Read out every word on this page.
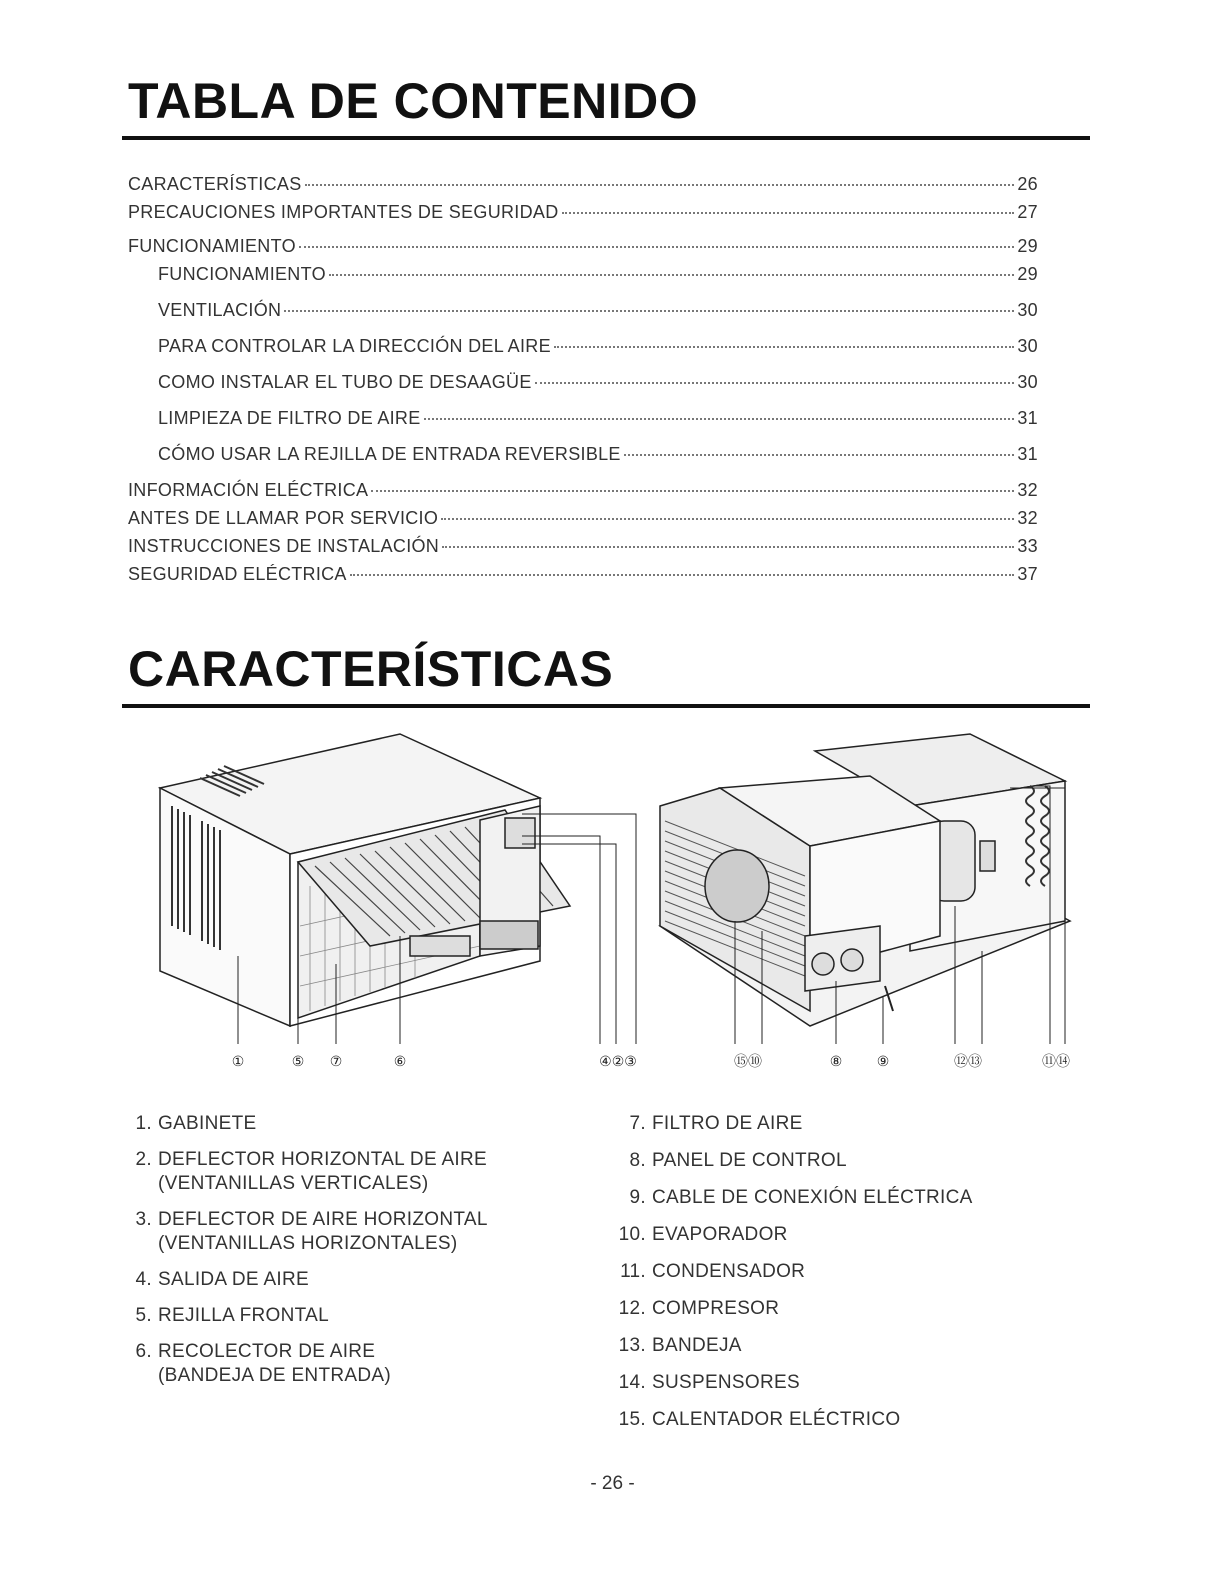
TABLA DE CONTENIDO
CARACTERÍSTICAS	26
PRECAUCIONES IMPORTANTES DE SEGURIDAD	27
FUNCIONAMIENTO	29
FUNCIONAMIENTO	29
VENTILACIÓN	30
PARA CONTROLAR LA DIRECCIÓN DEL AIRE	30
COMO INSTALAR EL TUBO DE DESAAGÜE	30
LIMPIEZA DE FILTRO DE AIRE	31
CÓMO USAR LA REJILLA DE ENTRADA REVERSIBLE	31
INFORMACIÓN ELÉCTRICA	32
ANTES DE LLAMAR POR SERVICIO	32
INSTRUCCIONES DE INSTALACIÓN	33
SEGURIDAD ELÉCTRICA	37
CARACTERÍSTICAS
①	⑤ ⑦	⑥	④②③	⑮⑩	⑧ ⑨	⑫⑬	⑪⑭
1. GABINETE
2. DEFLECTOR HORIZONTAL DE AIRE
(VENTANILLAS VERTICALES)
3. DEFLECTOR DE AIRE HORIZONTAL
(VENTANILLAS HORIZONTALES)
4. SALIDA DE AIRE
5. REJILLA FRONTAL
6. RECOLECTOR DE AIRE
(BANDEJA DE ENTRADA)
7. FILTRO DE AIRE
8. PANEL DE CONTROL
9. CABLE DE CONEXIÓN ELÉCTRICA
10. EVAPORADOR
11. CONDENSADOR
12. COMPRESOR
13. BANDEJA
14. SUSPENSORES
15. CALENTADOR ELÉCTRICO
- 26 -
